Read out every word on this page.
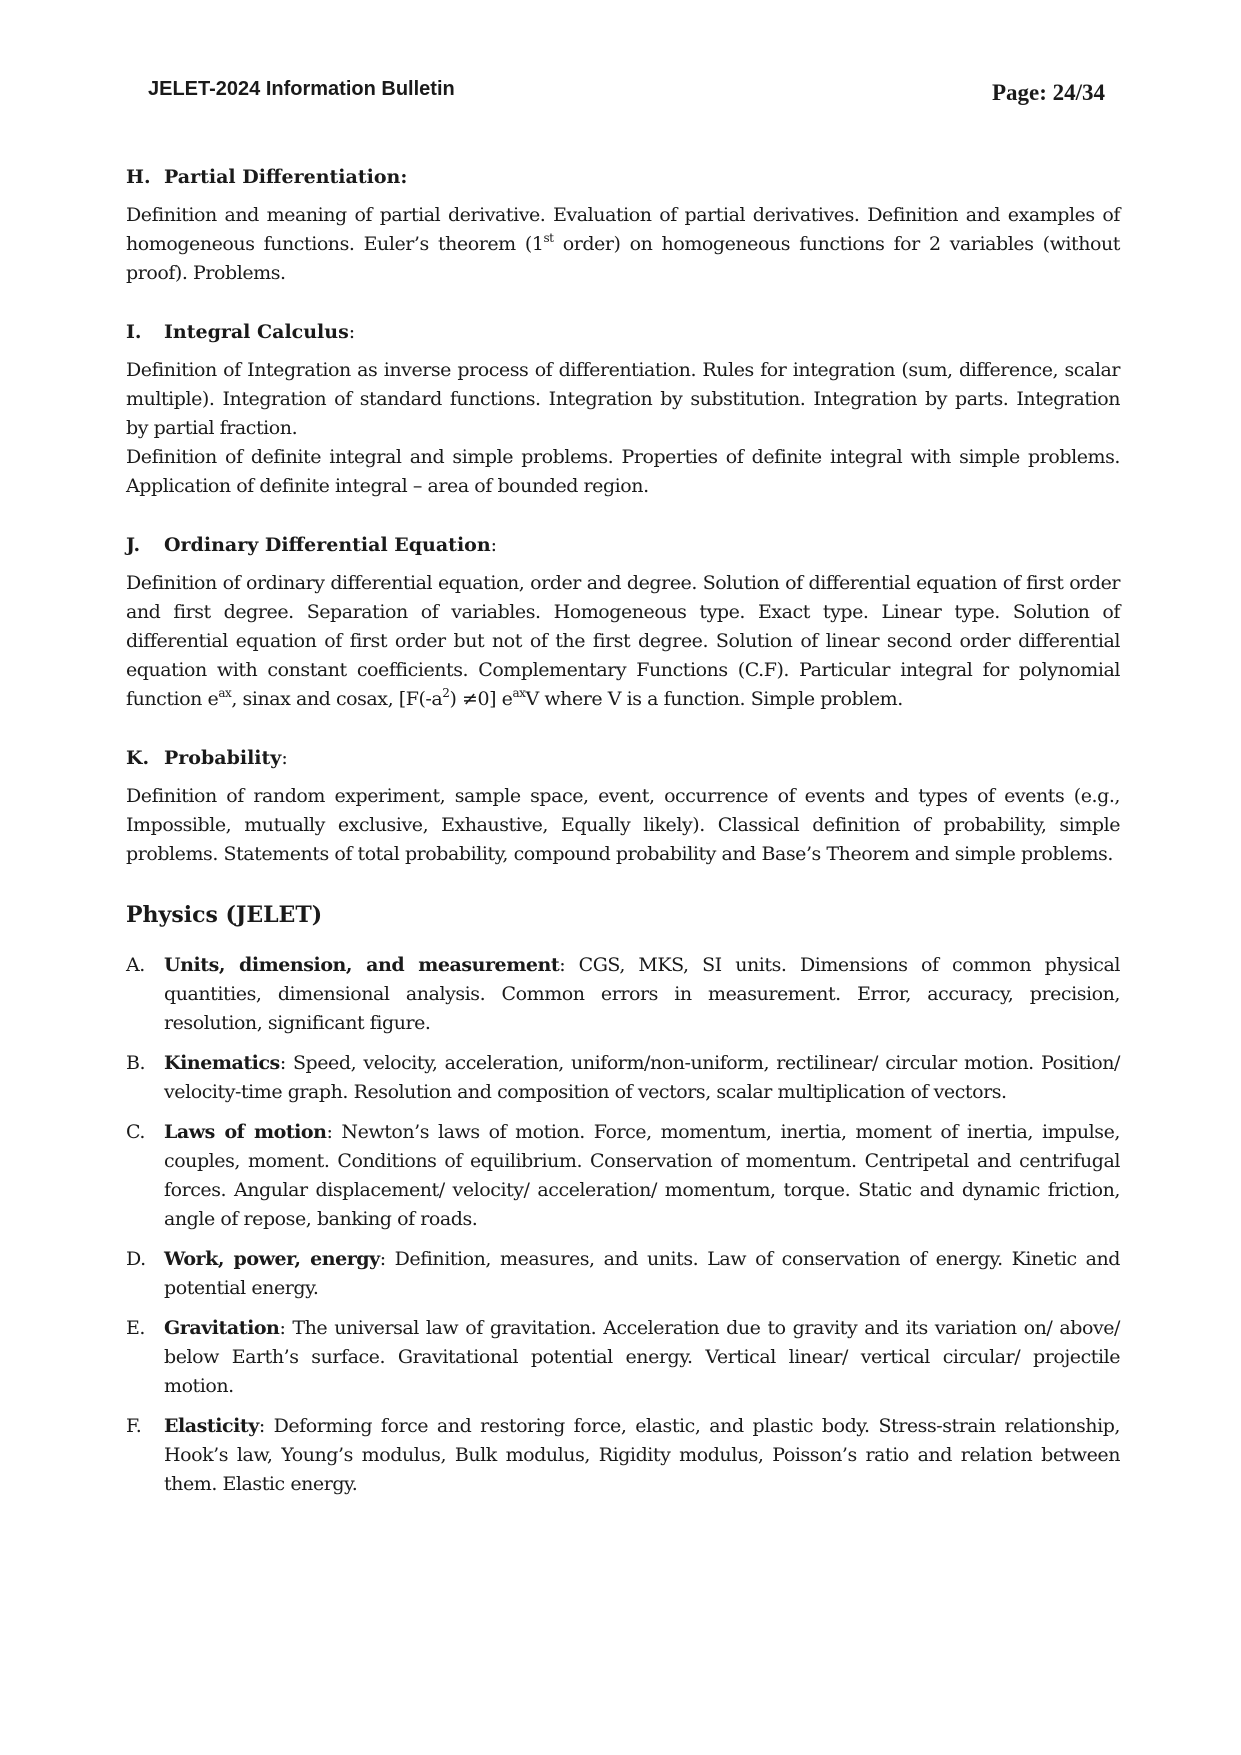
JELET-2024 Information Bulletin	Page: 24/34

H. Partial Differentiation:

Definition and meaning of partial derivative. Evaluation of partial derivatives. Definition and examples of homogeneous functions. Euler’s theorem (1st order) on homogeneous functions for 2 variables (without proof). Problems.

I. Integral Calculus:

Definition of Integration as inverse process of differentiation. Rules for integration (sum, difference, scalar multiple). Integration of standard functions. Integration by substitution. Integration by parts. Integration by partial fraction.

Definition of definite integral and simple problems. Properties of definite integral with simple problems. Application of definite integral – area of bounded region.

J. Ordinary Differential Equation:

Definition of ordinary differential equation, order and degree. Solution of differential equation of first order and first degree. Separation of variables. Homogeneous type. Exact type. Linear type. Solution of differential equation of first order but not of the first degree. Solution of linear second order differential equation with constant coefficients. Complementary Functions (C.F). Particular integral for polynomial function $e^{ax}$, sinax and cosax, $[F(-a^2) \ne 0]$ $e^{ax}V$ where V is a function. Simple problem.

K. Probability:

Definition of random experiment, sample space, event, occurrence of events and types of events (e.g., Impossible, mutually exclusive, Exhaustive, Equally likely). Classical definition of probability, simple problems. Statements of total probability, compound probability and Base’s Theorem and simple problems.

Physics (JELET)

A. Units, dimension, and measurement: CGS, MKS, SI units. Dimensions of common physical quantities, dimensional analysis. Common errors in measurement. Error, accuracy, precision, resolution, significant figure.
B. Kinematics: Speed, velocity, acceleration, uniform/non-uniform, rectilinear/ circular motion. Position/ velocity-time graph. Resolution and composition of vectors, scalar multiplication of vectors.
C. Laws of motion: Newton’s laws of motion. Force, momentum, inertia, moment of inertia, impulse, couples, moment. Conditions of equilibrium. Conservation of momentum. Centripetal and centrifugal forces. Angular displacement/ velocity/ acceleration/ momentum, torque. Static and dynamic friction, angle of repose, banking of roads.
D. Work, power, energy: Definition, measures, and units. Law of conservation of energy. Kinetic and potential energy.
E. Gravitation: The universal law of gravitation. Acceleration due to gravity and its variation on/ above/ below Earth’s surface. Gravitational potential energy. Vertical linear/ vertical circular/ projectile motion.
F. Elasticity: Deforming force and restoring force, elastic, and plastic body. Stress-strain relationship, Hook’s law, Young’s modulus, Bulk modulus, Rigidity modulus, Poisson’s ratio and relation between them. Elastic energy.
